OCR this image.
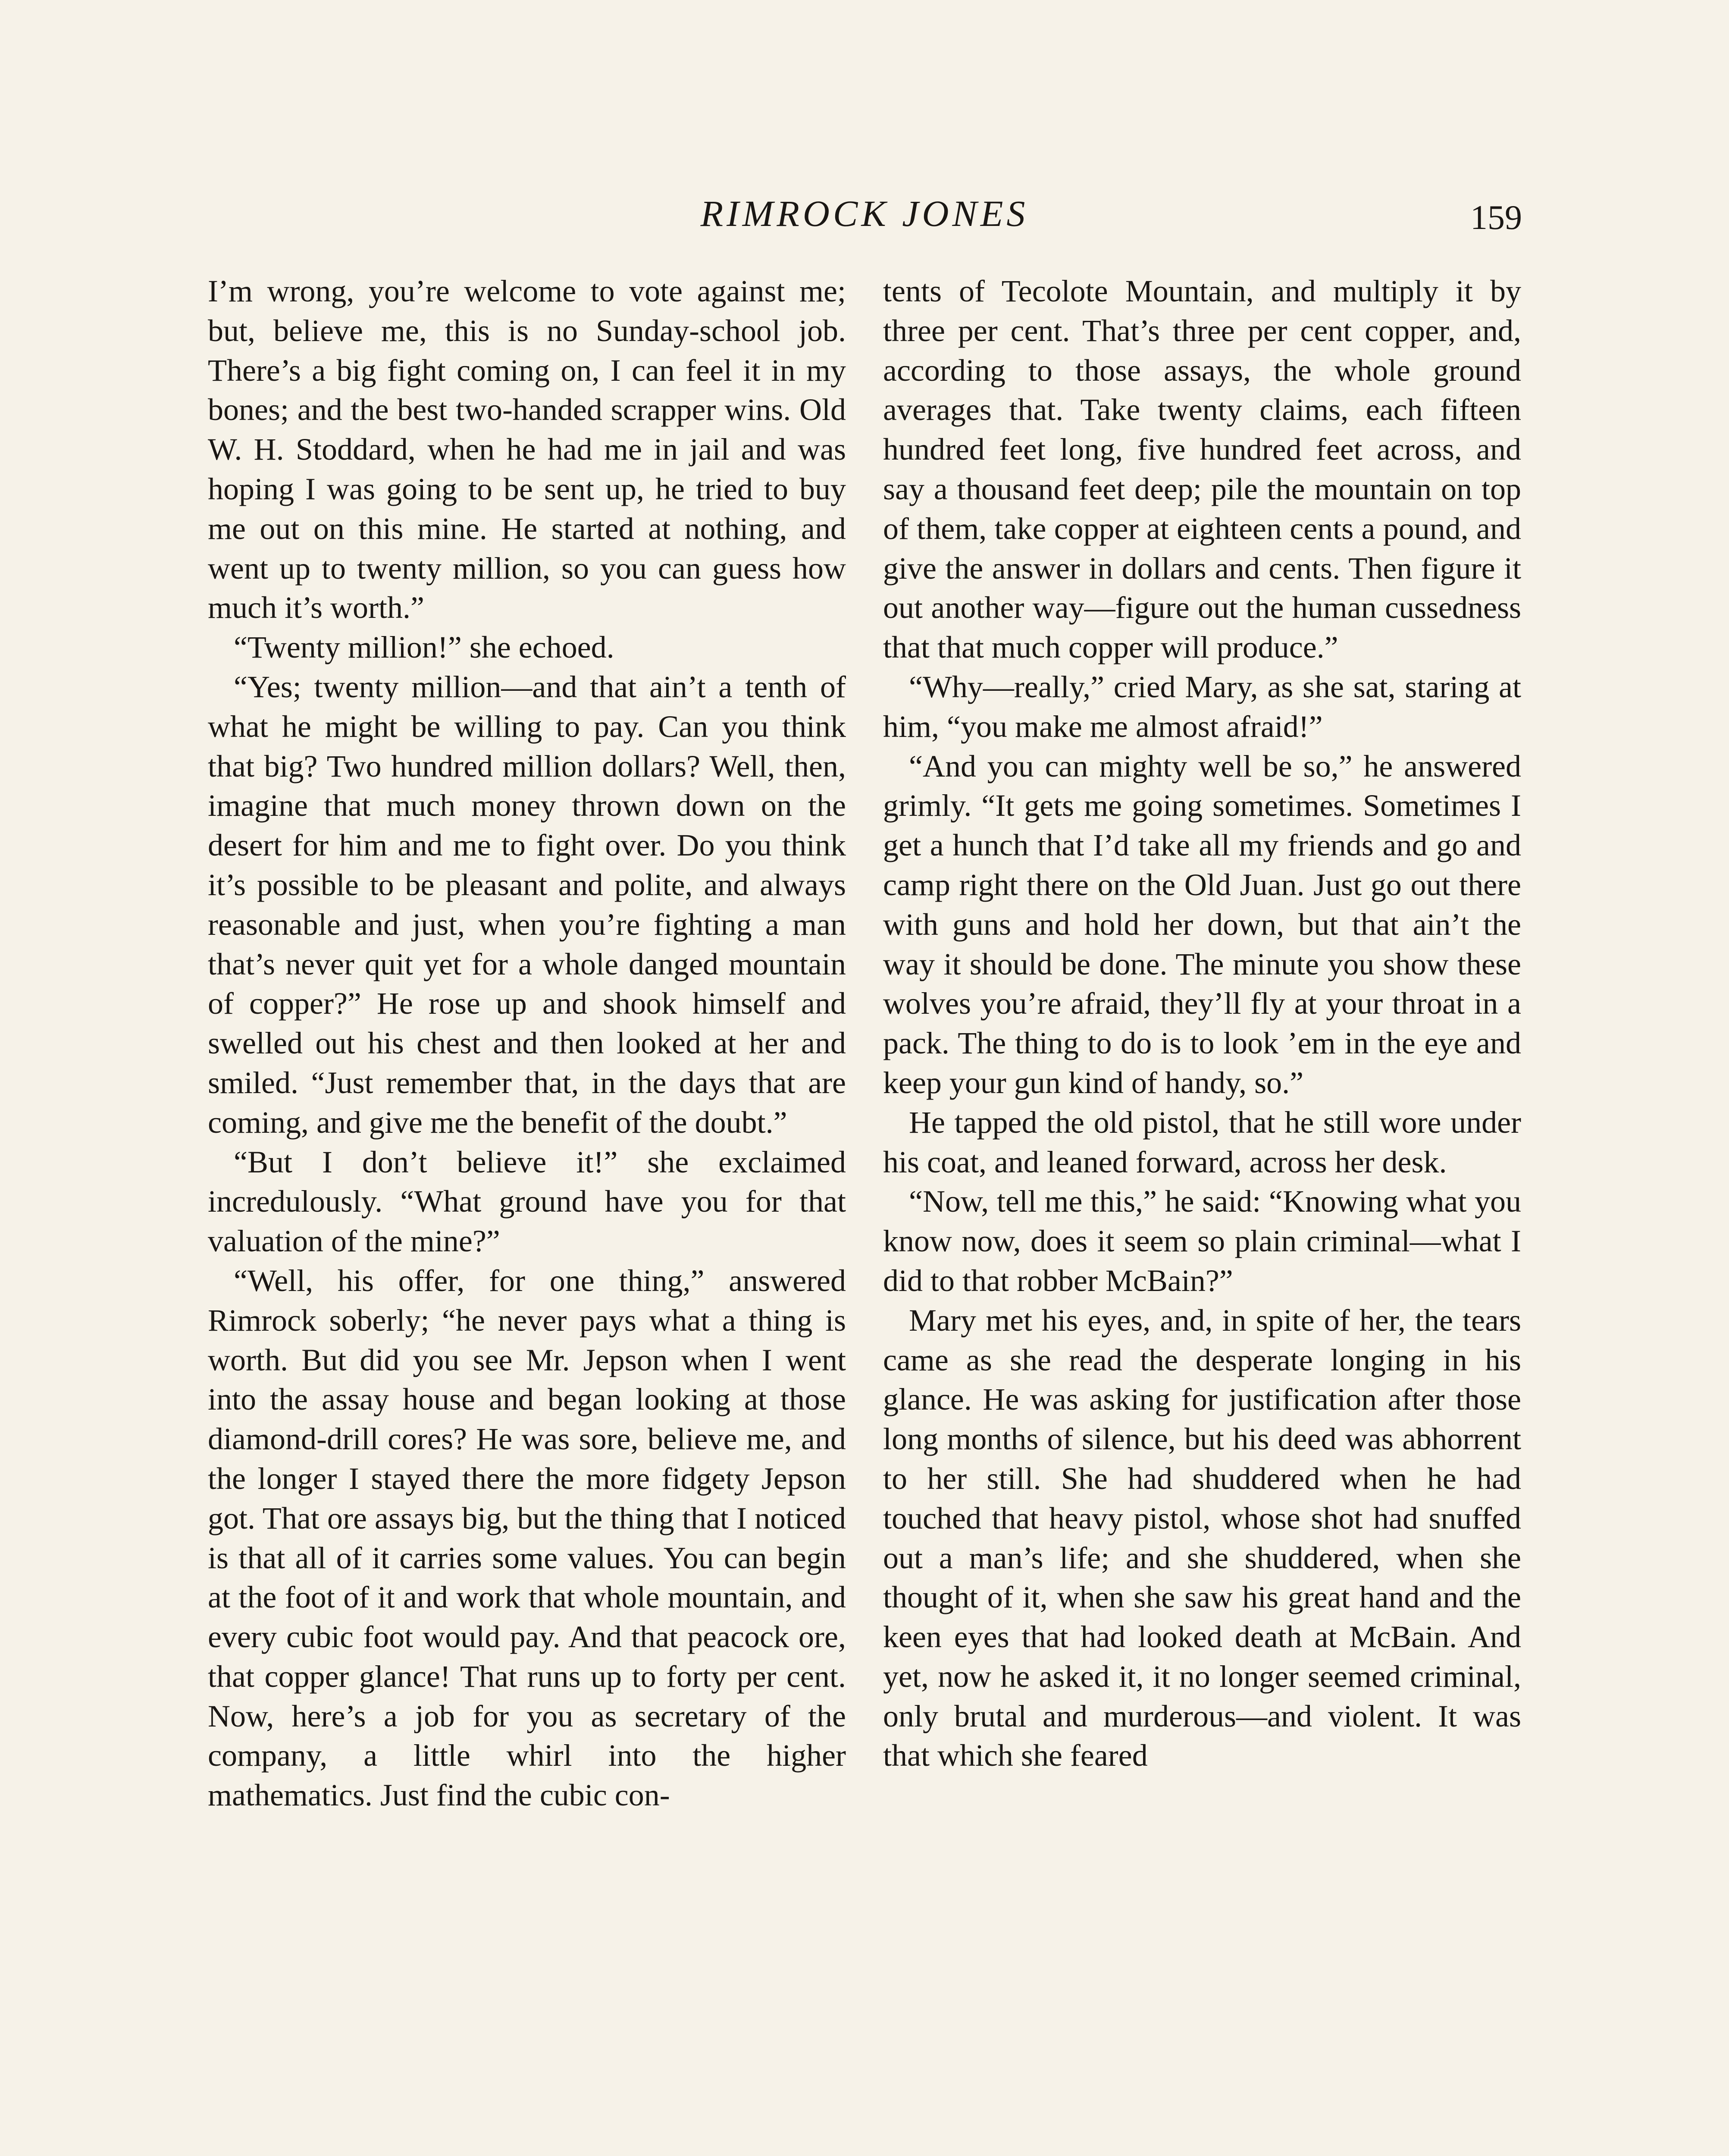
RIMROCK JONES	159

I’m wrong, you’re welcome to vote against me; but, believe me, this is no Sunday-school job. There’s a big fight coming on, I can feel it in my bones; and the best two-handed scrapper wins. Old W. H. Stoddard, when he had me in jail and was hoping I was going to be sent up, he tried to buy me out on this mine. He started at nothing, and went up to twenty million, so you can guess how much it’s worth.”

“Twenty million!” she echoed.

“Yes; twenty million—and that ain’t a tenth of what he might be willing to pay. Can you think that big? Two hundred million dollars? Well, then, imagine that much money thrown down on the desert for him and me to fight over. Do you think it’s possible to be pleasant and polite, and always reasonable and just, when you’re fighting a man that’s never quit yet for a whole danged mountain of copper?” He rose up and shook himself and swelled out his chest and then looked at her and smiled. “Just remember that, in the days that are coming, and give me the benefit of the doubt.”

“But I don’t believe it!” she exclaimed incredulously. “What ground have you for that valuation of the mine?”

“Well, his offer, for one thing,” answered Rimrock soberly; “he never pays what a thing is worth. But did you see Mr. Jepson when I went into the assay house and began looking at those diamond-drill cores? He was sore, believe me, and the longer I stayed there the more fidgety Jepson got. That ore assays big, but the thing that I noticed is that all of it carries some values. You can begin at the foot of it and work that whole mountain, and every cubic foot would pay. And that peacock ore, that copper glance! That runs up to forty per cent. Now, here’s a job for you as secretary of the company, a little whirl into the higher mathematics. Just find the cubic con-

tents of Tecolote Mountain, and multiply it by three per cent. That’s three per cent copper, and, according to those assays, the whole ground averages that. Take twenty claims, each fifteen hundred feet long, five hundred feet across, and say a thousand feet deep; pile the mountain on top of them, take copper at eighteen cents a pound, and give the answer in dollars and cents. Then figure it out another way—figure out the human cussedness that that much copper will produce.”

“Why—really,” cried Mary, as she sat, staring at him, “you make me almost afraid!”

“And you can mighty well be so,” he answered grimly. “It gets me going sometimes. Sometimes I get a hunch that I’d take all my friends and go and camp right there on the Old Juan. Just go out there with guns and hold her down, but that ain’t the way it should be done. The minute you show these wolves you’re afraid, they’ll fly at your throat in a pack. The thing to do is to look ’em in the eye and keep your gun kind of handy, so.”

He tapped the old pistol, that he still wore under his coat, and leaned forward, across her desk.

“Now, tell me this,” he said: “Knowing what you know now, does it seem so plain criminal—what I did to that robber McBain?”

Mary met his eyes, and, in spite of her, the tears came as she read the desperate longing in his glance. He was asking for justification after those long months of silence, but his deed was abhorrent to her still. She had shuddered when he had touched that heavy pistol, whose shot had snuffed out a man’s life; and she shuddered, when she thought of it, when she saw his great hand and the keen eyes that had looked death at McBain. And yet, now he asked it, it no longer seemed criminal, only brutal and murderous—and violent. It was that which she feared
